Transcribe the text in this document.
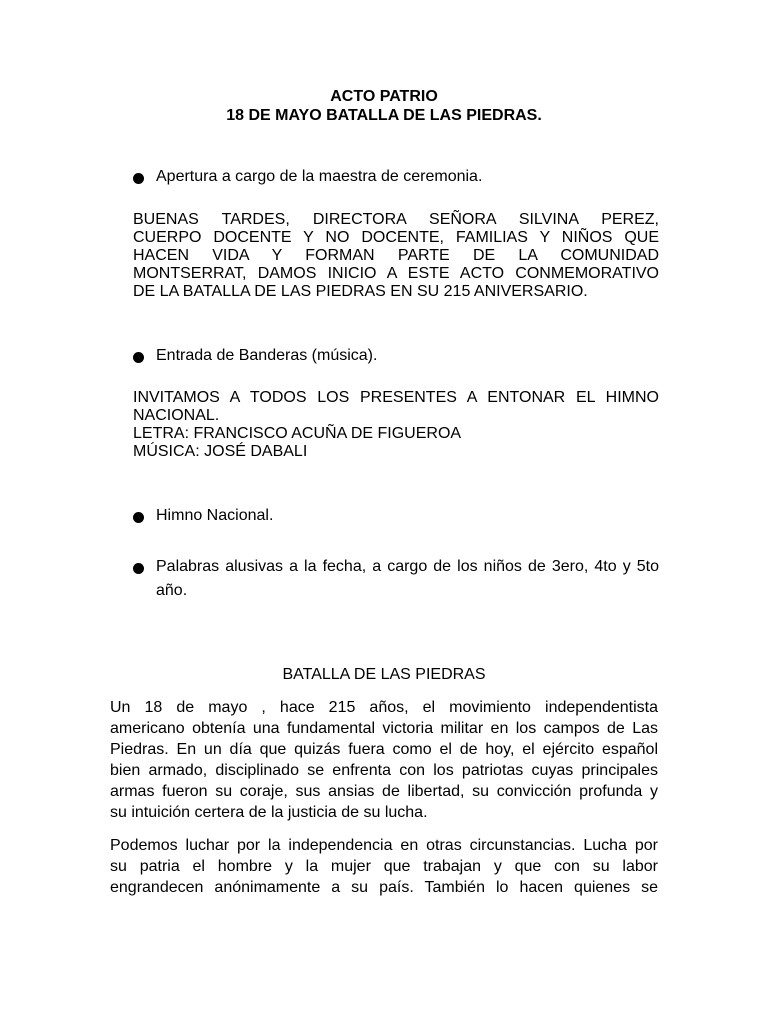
ACTO PATRIO
18 DE MAYO BATALLA DE LAS PIEDRAS.
Apertura a cargo de la maestra de ceremonia.
BUENAS TARDES, DIRECTORA SEÑORA SILVINA PEREZ,
CUERPO DOCENTE Y NO DOCENTE, FAMILIAS Y NIÑOS QUE
HACEN VIDA Y FORMAN PARTE DE LA COMUNIDAD
MONTSERRAT, DAMOS INICIO A ESTE ACTO CONMEMORATIVO
DE LA BATALLA DE LAS PIEDRAS EN SU 215 ANIVERSARIO.
Entrada de Banderas (música).
INVITAMOS A TODOS LOS PRESENTES A ENTONAR EL HIMNO
NACIONAL.
LETRA: FRANCISCO ACUÑA DE FIGUEROA
MÚSICA: JOSÉ DABALI
Himno Nacional.
Palabras alusivas a la fecha, a cargo de los niños de 3ero, 4to y 5to año.
BATALLA DE LAS PIEDRAS
Un 18 de mayo , hace 215 años, el movimiento independentista
americano obtenía una fundamental victoria militar en los campos de Las
Piedras. En un día que quizás fuera como el de hoy, el ejército español
bien armado, disciplinado se enfrenta con los patriotas cuyas principales
armas fueron su coraje, sus ansias de libertad, su convicción profunda y
su intuición certera de la justicia de su lucha.
Podemos luchar por la independencia en otras circunstancias. Lucha por
su patria el hombre y la mujer que trabajan y que con su labor
engrandecen anónimamente a su país. También lo hacen quienes se
